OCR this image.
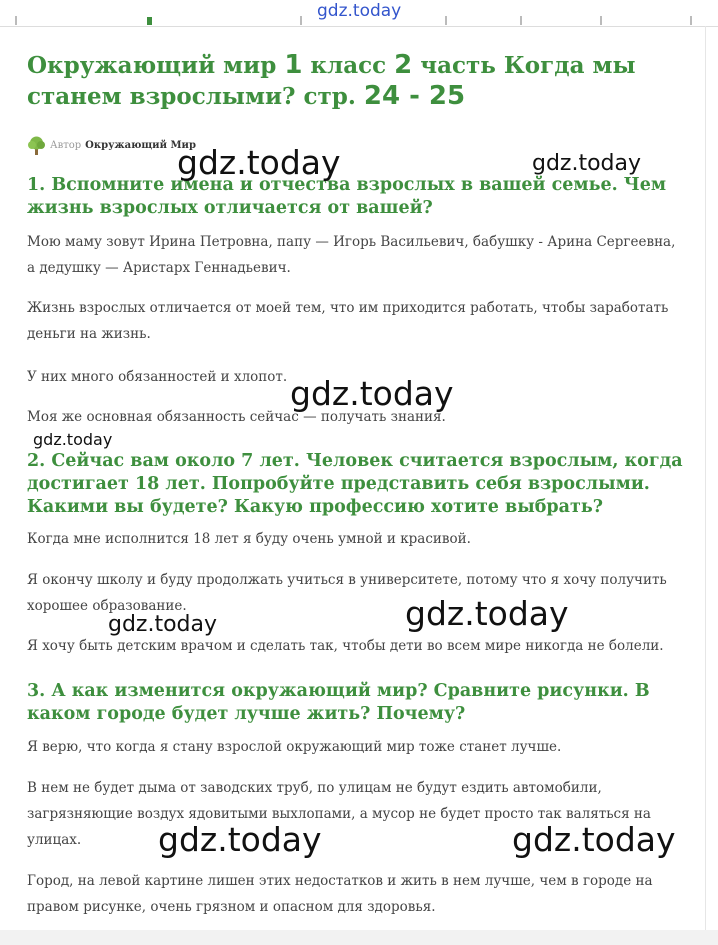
gdz.today
Окружающий мир 1 класс 2 часть Когда мы станем взрослыми? стр. 24 - 25
Автор Окружающий Мир
1. Вспомните имена и отчества взрослых в вашей семье. Чем жизнь взрослых отличается от вашей?

Мою маму зовут Ирина Петровна, папу — Игорь Васильевич, бабушку - Арина Сергеевна, а дедушку — Аристарх Геннадьевич.

Жизнь взрослых отличается от моей тем, что им приходится работать, чтобы заработать деньги на жизнь.

У них много обязанностей и хлопот.

Моя же основная обязанность сейчас — получать знания.

2. Сейчас вам около 7 лет. Человек считается взрослым, когда достигает 18 лет. Попробуйте представить себя взрослыми. Какими вы будете? Какую профессию хотите выбрать?

Когда мне исполнится 18 лет я буду очень умной и красивой.

Я окончу школу и буду продолжать учиться в университете, потому что я хочу получить хорошее образование.

Я хочу быть детским врачом и сделать так, чтобы дети во всем мире никогда не болели.

3. А как изменится окружающий мир? Сравните рисунки. В каком городе будет лучше жить? Почему?

Я верю, что когда я стану взрослой окружающий мир тоже станет лучше.

В нем не будет дыма от заводских труб, по улицам не будут ездить автомобили, загрязняющие воздух ядовитыми выхлопами, а мусор не будет просто так валяться на улицах.

Город, на левой картине лишен этих недостатков и жить в нем лучше, чем в городе на правом рисунке, очень грязном и опасном для здоровья.

gdz.today	gdz.today
gdz.today
gdz.today
gdz.today
gdz.today
gdz.today	gdz.today
